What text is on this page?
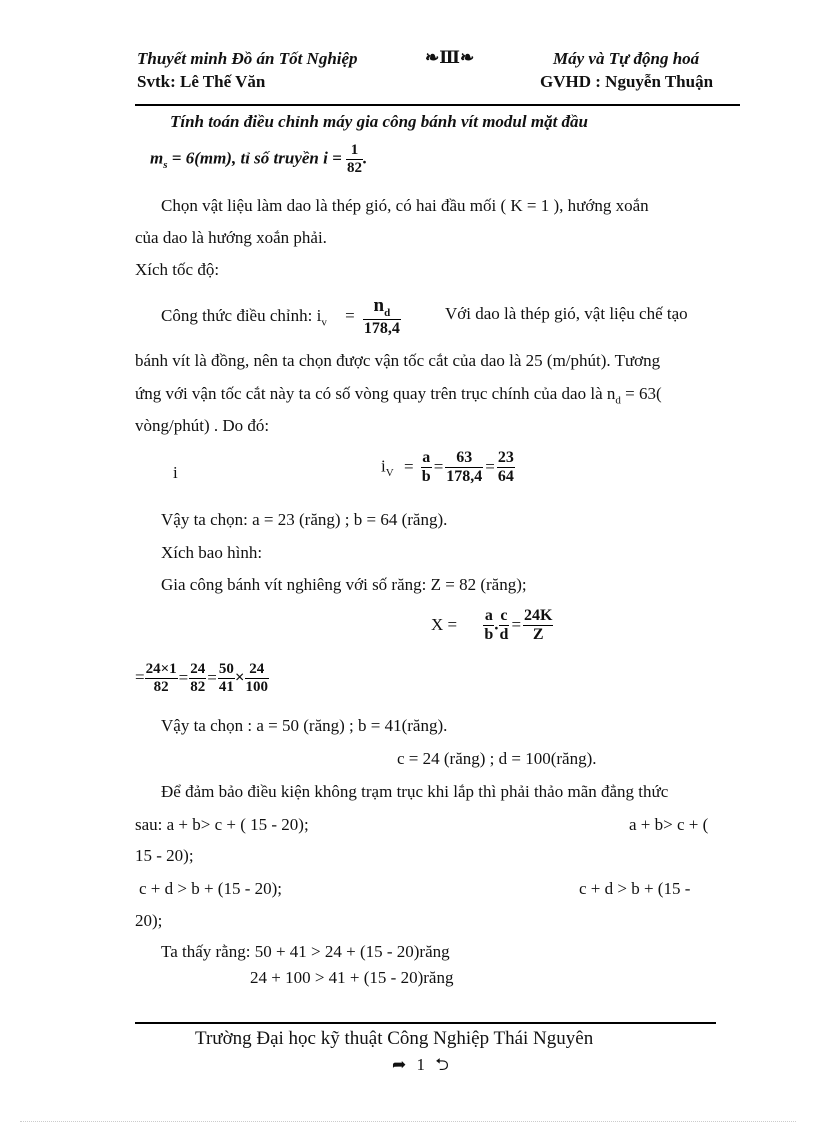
Thuyết minh Đồ án Tốt Nghiệp	❧Ⅲ❧	Máy và Tự động hoá
Svtk: Lê Thế Văn	GVHD : Nguyễn Thuận
Tính toán điều chỉnh máy gia công bánh vít modul mặt đầu
$m_s = 6(mm)$, tỉ số truyền $i = \frac{1}{82}$ .
Chọn vật liệu làm dao là thép gió, có hai đầu mối ( K = 1 ), hướng xoắn
của dao là hướng xoắn phải.
Xích tốc độ:
Công thức điều chỉnh: $i_v = \frac{n_d}{178,4}$	Với dao là thép gió, vật liệu chế tạo
bánh vít là đồng, nên ta chọn được vận tốc cắt của dao là 25 (m/phút). Tương
ứng với vận tốc cắt này ta có số vòng quay trên trục chính của dao là $n_d = 63$(
vòng/phút) . Do đó:
i	$i_V = \frac{a}{b} = \frac{63}{178,4} = \frac{23}{64}$
Vậy ta chọn: a = 23 (răng) ; b = 64 (răng).
Xích bao hình:
Gia công bánh vít nghiêng với số răng: Z = 82 (răng);
$X = \frac{a}{b}$ . $\frac{c}{d} = \frac{24K}{Z}$
= $\frac{24\times 1}{82} = \frac{24}{82} = \frac{50}{41} \times \frac{24}{100}$
Vậy ta chọn : a = 50 (răng) ; b = 41(răng).
c = 24 (răng) ; d = 100(răng).
Để đảm bảo điều kiện không trạm trục khi lắp thì phải thảo mãn đẳng thức
sau: a + b> c + ( 15 - 20);	a + b> c + (
15 - 20);
c + d > b + (15 - 20);	c + d > b + (15 -
20);
Ta thấy rằng: 50 + 41 > 24 + (15 - 20)răng
24 + 100 > 41 + (15 - 20)răng
Trường Đại học kỹ thuật Công Nghiệp Thái Nguyên
➦ 1 ⮌
